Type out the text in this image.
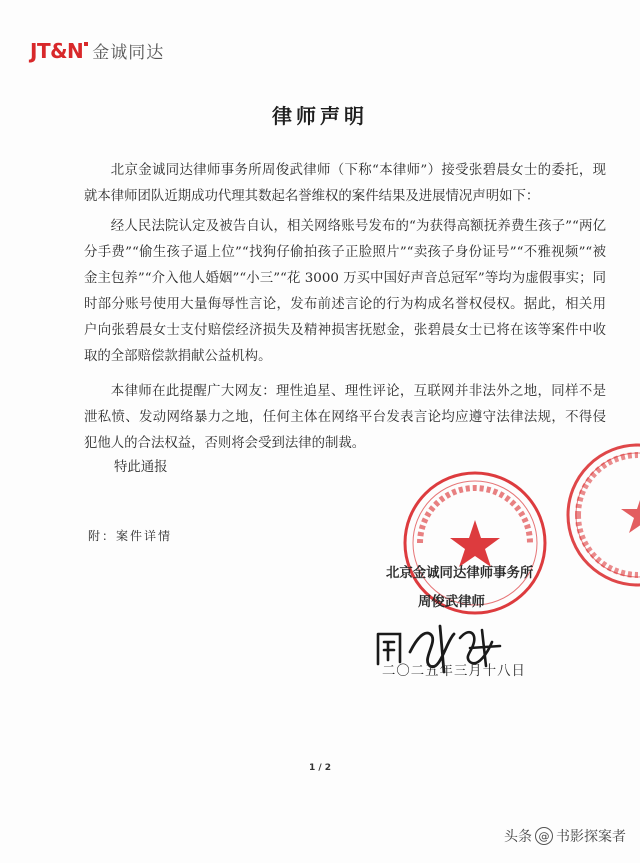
JT&N 金诚同达
律师声明
北京金诚同达律师事务所周俊武律师（下称“本律师”）接受张碧晨女士的委托，现就本律师团队近期成功代理其数起名誉维权的案件结果及进展情况声明如下：
经人民法院认定及被告自认，相关网络账号发布的“为获得高额抚养费生孩子”“两亿分手费”“偷生孩子逼上位”“找狗仔偷拍孩子正脸照片”“卖孩子身份证号”“不雅视频”“被金主包养”“介入他人婚姻”“小三”“花 3000 万买中国好声音总冠军”等均为虚假事实；同时部分账号使用大量侮辱性言论，发布前述言论的行为构成名誉权侵权。据此，相关用户向张碧晨女士支付赔偿经济损失及精神损害抚慰金，张碧晨女士已将在该等案件中收取的全部赔偿款捐献公益机构。
本律师在此提醒广大网友：理性追星、理性评论，互联网并非法外之地，同样不是泄私愤、发动网络暴力之地，任何主体在网络平台发表言论均应遵守法律法规，不得侵犯他人的合法权益，否则将会受到法律的制裁。
特此通报
附：案件详情
北京金诚同达律师事务所
周俊武律师
二〇二五年三月十八日
1 / 2
头条 @ 书影探案者
